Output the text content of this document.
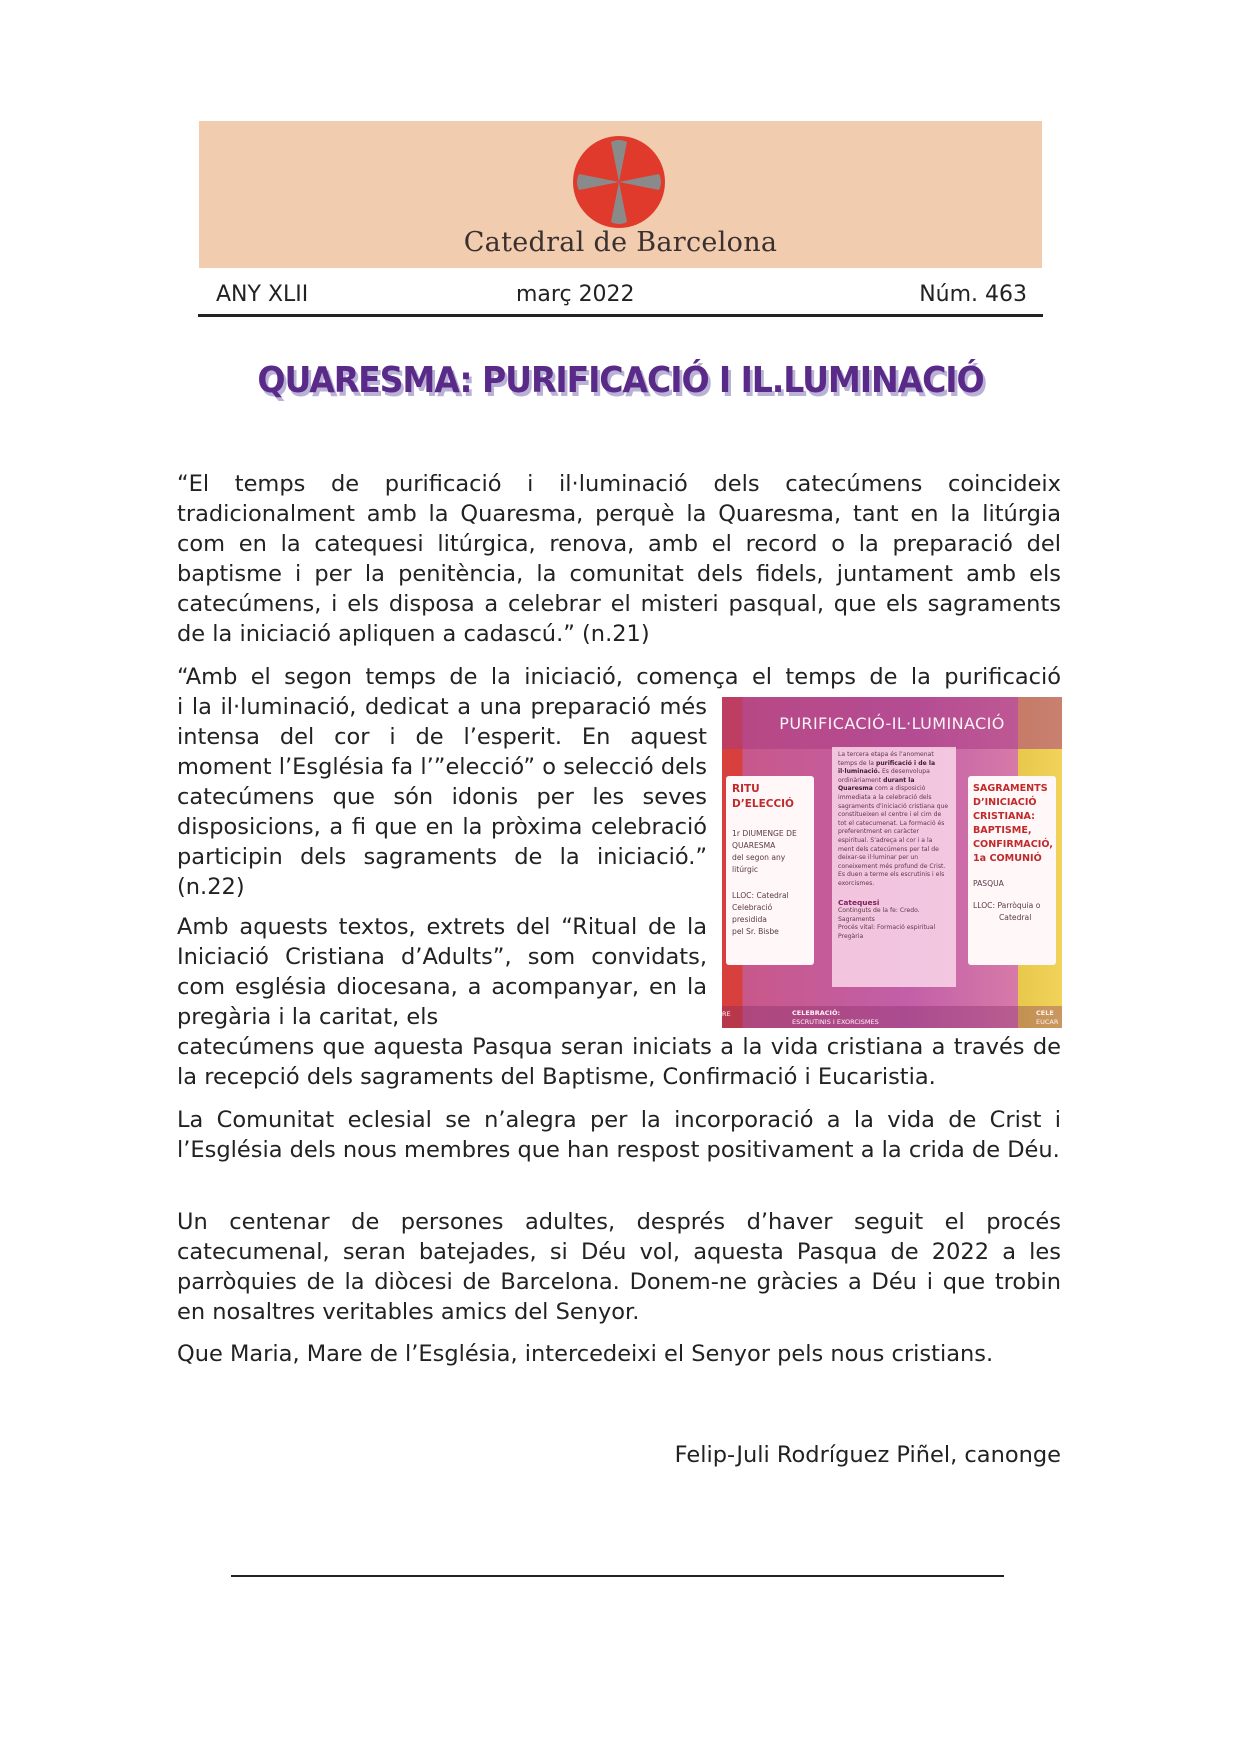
Catedral de Barcelona
ANY XLII	març 2022	Núm. 463
QUARESMA: PURIFICACIÓ I IL.LUMINACIÓ
“El temps de purificació i il·luminació dels catecúmens coincideix tradicionalment amb la Quaresma, perquè la Quaresma, tant en la litúrgia com en la catequesi litúrgica, renova, amb el record o la preparació del baptisme i per la penitència, la comunitat dels fidels, juntament amb els catecúmens, i els disposa a celebrar el misteri pasqual, que els sagraments de la iniciació apliquen a cadascú.” (n.21)
“Amb el segon temps de la iniciació, comença el temps de la purificació
i la il·luminació, dedicat a una preparació més intensa del cor i de l’esperit. En aquest moment l’Església fa l’”elecció” o selecció dels catecúmens que són idonis per les seves disposicions, a fi que en la pròxima celebració participin dels sagraments de la iniciació.” (n.22)
Amb aquests textos, extrets del “Ritual de la Iniciació Cristiana d’Adults”, som convidats, com església diocesana, a acompanyar, en la pregària i la caritat, els
catecúmens que aquesta Pasqua seran iniciats a la vida cristiana a través de la recepció dels sagraments del Baptisme, Confirmació i Eucaristia.
La Comunitat eclesial se n’alegra per la incorporació a la vida de Crist i l’Església dels nous membres que han respost positivament a la crida de Déu.
Un centenar de persones adultes, després d’haver seguit el procés catecumenal, seran batejades, si Déu vol, aquesta Pasqua de 2022 a les parròquies de la diòcesi de Barcelona. Donem-ne gràcies a Déu i que trobin en nosaltres veritables amics del Senyor.
Que Maria, Mare de l’Església, intercedeixi el Senyor pels nous cristians.
Felip-Juli Rodríguez Piñel, canonge
PURIFICACIÓ-IL·LUMINACIÓ
RITU
D’ELECCIÓ
1r DIUMENGE DE
QUARESMA
del segon any
litúrgic
LLOC: Catedral
Celebració presidida
pel Sr. Bisbe
La tercera etapa és l’anomenat temps de la purificació i de la il·luminació. Es desenvolupa ordinàriament durant la Quaresma com a disposició immediata a la celebració dels sagraments d’iniciació cristiana que constitueixen el centre i el cim de tot el catecumenat. La formació és preferentment en caràcter espiritual. S’adreça al cor i a la ment dels catecúmens per tal de deixar-se il·luminar per un coneixement més profund de Crist. Es duen a terme els escrutinis i els exorcismes.
Catequesi
Continguts de la fe: Credo.
Sagraments
Procés vital: Formació espiritual
Pregària
SAGRAMENTS
D’INICIACIÓ
CRISTIANA:
BAPTISME,
CONFIRMACIÓ,
1a COMUNIÓ
PASQUA
LLOC: Parròquia o
Catedral
RE	CELEBRACIÓ:
ESCRUTINIS I EXORCISMES
CELE
EUCAR
